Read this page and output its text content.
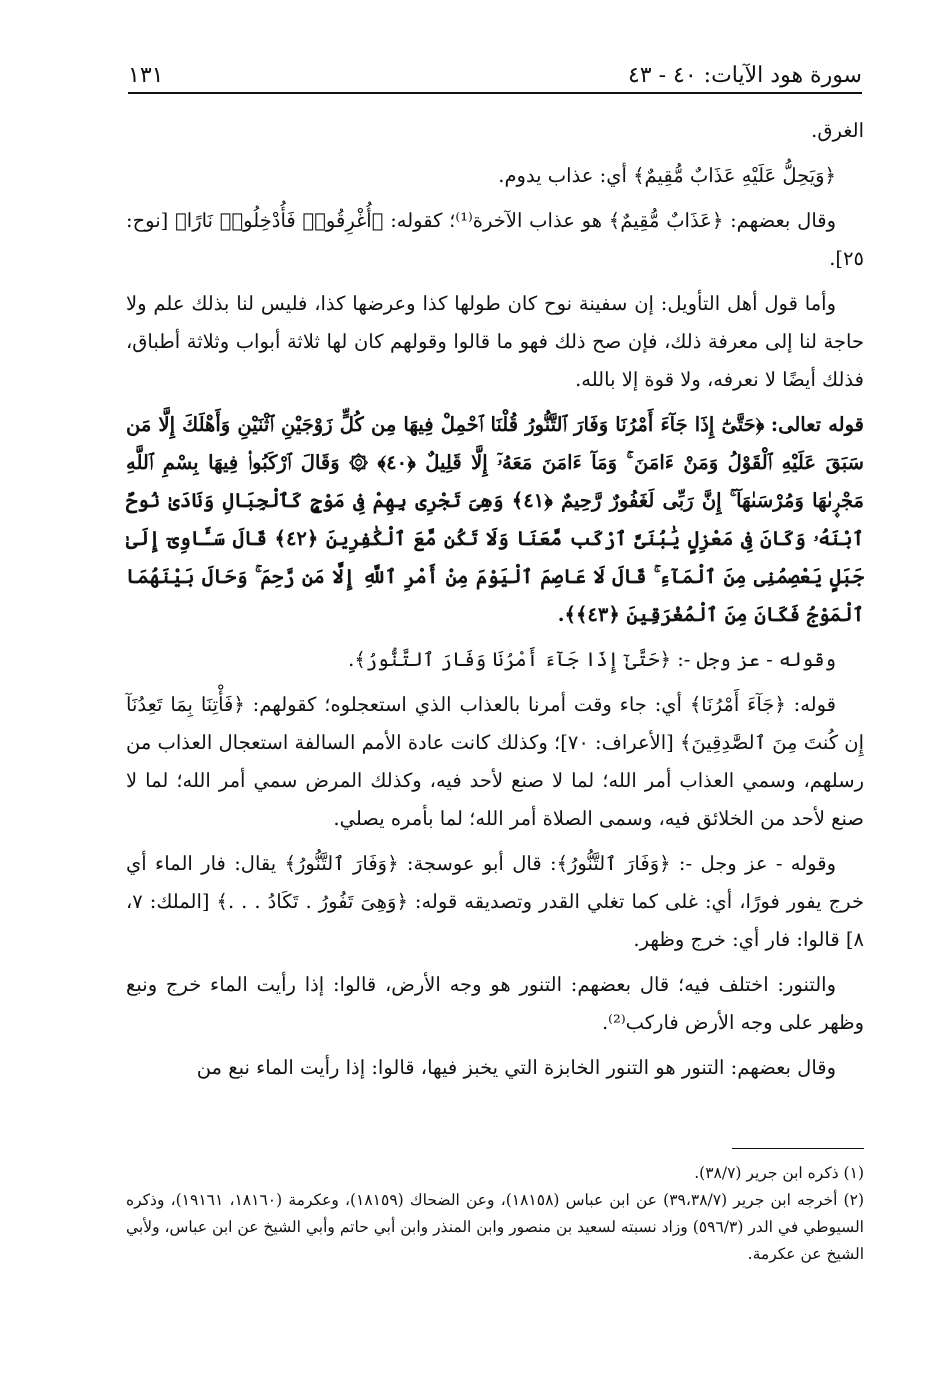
سورة هود الآيات: ٤٠ - ٤٣
١٣١

الغرق.

﴿وَيَحِلُّ عَلَيْهِ عَذَابٌ مُّقِيمٌ﴾ أي: عذاب يدوم.

وقال بعضهم: ﴿عَذَابٌ مُّقِيمٌ﴾ هو عذاب الآخرة⁽¹⁾؛ كقوله: ﴿أُغْرِقُوا۟ فَأُدْخِلُوا۟ نَارًا﴾ [نوح: ٢٥].

وأما قول أهل التأويل: إن سفينة نوح كان طولها كذا وعرضها كذا، فليس لنا بذلك علم ولا حاجة لنا إلى معرفة ذلك، فإن صح ذلك فهو ما قالوا وقولهم كان لها ثلاثة أبواب وثلاثة أطباق، فذلك أيضًا لا نعرفه، ولا قوة إلا بالله.

قوله تعالى: ﴿حَتَّىٰٓ إِذَا جَآءَ أَمْرُنَا وَفَارَ ٱلتَّنُّورُ قُلْنَا ٱحْمِلْ فِيهَا مِن كُلٍّ زَوْجَيْنِ ٱثْنَيْنِ وَأَهْلَكَ إِلَّا مَن سَبَقَ عَلَيْهِ ٱلْقَوْلُ وَمَنْ ءَامَنَ ۚ وَمَآ ءَامَنَ مَعَهُۥٓ إِلَّا قَلِيلٌ ﴿٤٠﴾ ۞ وَقَالَ ٱرْكَبُوا۟ فِيهَا بِسْمِ ٱللَّهِ مَجْر۪ىٰهَا وَمُرْسَىٰهَآ ۚ إِنَّ رَبِّى لَغَفُورٌ رَّحِيمٌ ﴿٤١﴾ وَهِىَ تَجْرِى بِهِمْ فِى مَوْجٍ كَٱلْجِبَالِ وَنَادَىٰ نُوحٌ ٱبْنَهُۥ وَكَانَ فِى مَعْزِلٍ يَٰبُنَىَّ ٱرْكَب مَّعَنَا وَلَا تَكُن مَّعَ ٱلْكَٰفِرِينَ ﴿٤٢﴾ قَالَ سَـَٔاوِىٓ إِلَىٰ جَبَلٍ يَعْصِمُنِى مِنَ ٱلْمَآءِ ۚ قَالَ لَا عَاصِمَ ٱلْيَوْمَ مِنْ أَمْرِ ٱللَّهِ إِلَّا مَن رَّحِمَ ۚ وَحَالَ بَيْنَهُمَا ٱلْمَوْجُ فَكَانَ مِنَ ٱلْمُغْرَقِينَ ﴿٤٣﴾﴾.

وقوله - عز وجل -: ﴿حَتَّىٰٓ إِذَا جَآءَ أَمْرُنَا وَفَارَ ٱلتَّنُّورُ﴾.

قوله: ﴿جَآءَ أَمْرُنَا﴾ أي: جاء وقت أمرنا بالعذاب الذي استعجلوه؛ كقولهم: ﴿فَأْتِنَا بِمَا تَعِدُنَآ إِن كُنتَ مِنَ ٱلصَّٰدِقِينَ﴾ [الأعراف: ٧٠]؛ وكذلك كانت عادة الأمم السالفة استعجال العذاب من رسلهم، وسمي العذاب أمر الله؛ لما لا صنع لأحد فيه، وكذلك المرض سمي أمر الله؛ لما لا صنع لأحد من الخلائق فيه، وسمى الصلاة أمر الله؛ لما بأمره يصلي.

وقوله - عز وجل -: ﴿وَفَارَ ٱلتَّنُّورُ﴾: قال أبو عوسجة: ﴿وَفَارَ ٱلتَّنُّورُ﴾ يقال: فار الماء أي خرج يفور فورًا، أي: غلى كما تغلي القدر وتصديقه قوله: ﴿وَهِىَ تَفُورُ . تَكَادُ . . .﴾ [الملك: ٧، ٨] قالوا: فار أي: خرج وظهر.

والتنور: اختلف فيه؛ قال بعضهم: التنور هو وجه الأرض، قالوا: إذا رأيت الماء خرج ونبع وظهر على وجه الأرض فاركب⁽²⁾.

وقال بعضهم: التنور هو التنور الخابزة التي يخبز فيها، قالوا: إذا رأيت الماء نبع من

(١) ذكره ابن جرير (٣٨/٧).

(٢) أخرجه ابن جرير (٣٩،٣٨/٧) عن ابن عباس (١٨١٥٨)، وعن الضحاك (١٨١٥٩)، وعكرمة (١٨١٦٠، ١٩١٦١)، وذكره السيوطي في الدر (٥٩٦/٣) وزاد نسبته لسعيد بن منصور وابن المنذر وابن أبي حاتم وأبي الشيخ عن ابن عباس، ولأبي الشيخ عن عكرمة.
